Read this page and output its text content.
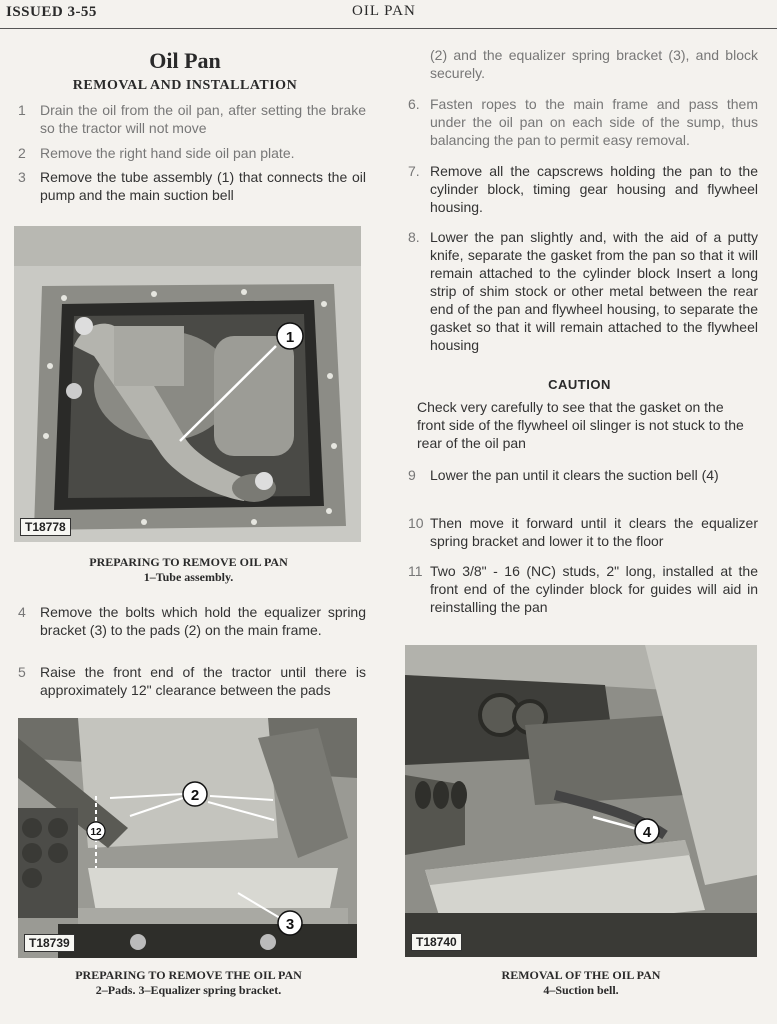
ISSUED 3-55	OIL PAN
Oil Pan
REMOVAL AND INSTALLATION
1	Drain the oil from the oil pan, after setting the brake so the tractor will not move
2	Remove the right hand side oil pan plate.
3	Remove the tube assembly (1) that connects the oil pump and the main suction bell
1
T18778
PREPARING TO REMOVE OIL PAN
1–Tube assembly.
4	Remove the bolts which hold the equalizer spring bracket (3) to the pads (2) on the main frame.
5	Raise the front end of the tractor until there is approximately 12" clearance between the pads
12
2
3
T18739
PREPARING TO REMOVE THE OIL PAN
2–Pads. 3–Equalizer spring bracket.
(2) and the equalizer spring bracket (3), and block securely.
6. Fasten ropes to the main frame and pass them under the oil pan on each side of the sump, thus balancing the pan to permit easy removal.
7. Remove all the capscrews holding the pan to the cylinder block, timing gear housing and flywheel housing.
8. Lower the pan slightly and, with the aid of a putty knife, separate the gasket from the pan so that it will remain attached to the cylinder block Insert a long strip of shim stock or other metal between the rear end of the pan and flywheel housing, to separate the gasket so that it will remain attached to the flywheel housing
CAUTION
Check very carefully to see that the gasket on the front side of the flywheel oil slinger is not stuck to the rear of the oil pan
9	Lower the pan until it clears the suction bell (4)
10 Then move it forward until it clears the equalizer spring bracket and lower it to the floor
11 Two 3/8" - 16 (NC) studs, 2" long, installed at the front end of the cylinder block for guides will aid in reinstalling the pan
4
T18740
REMOVAL OF THE OIL PAN
4–Suction bell.
